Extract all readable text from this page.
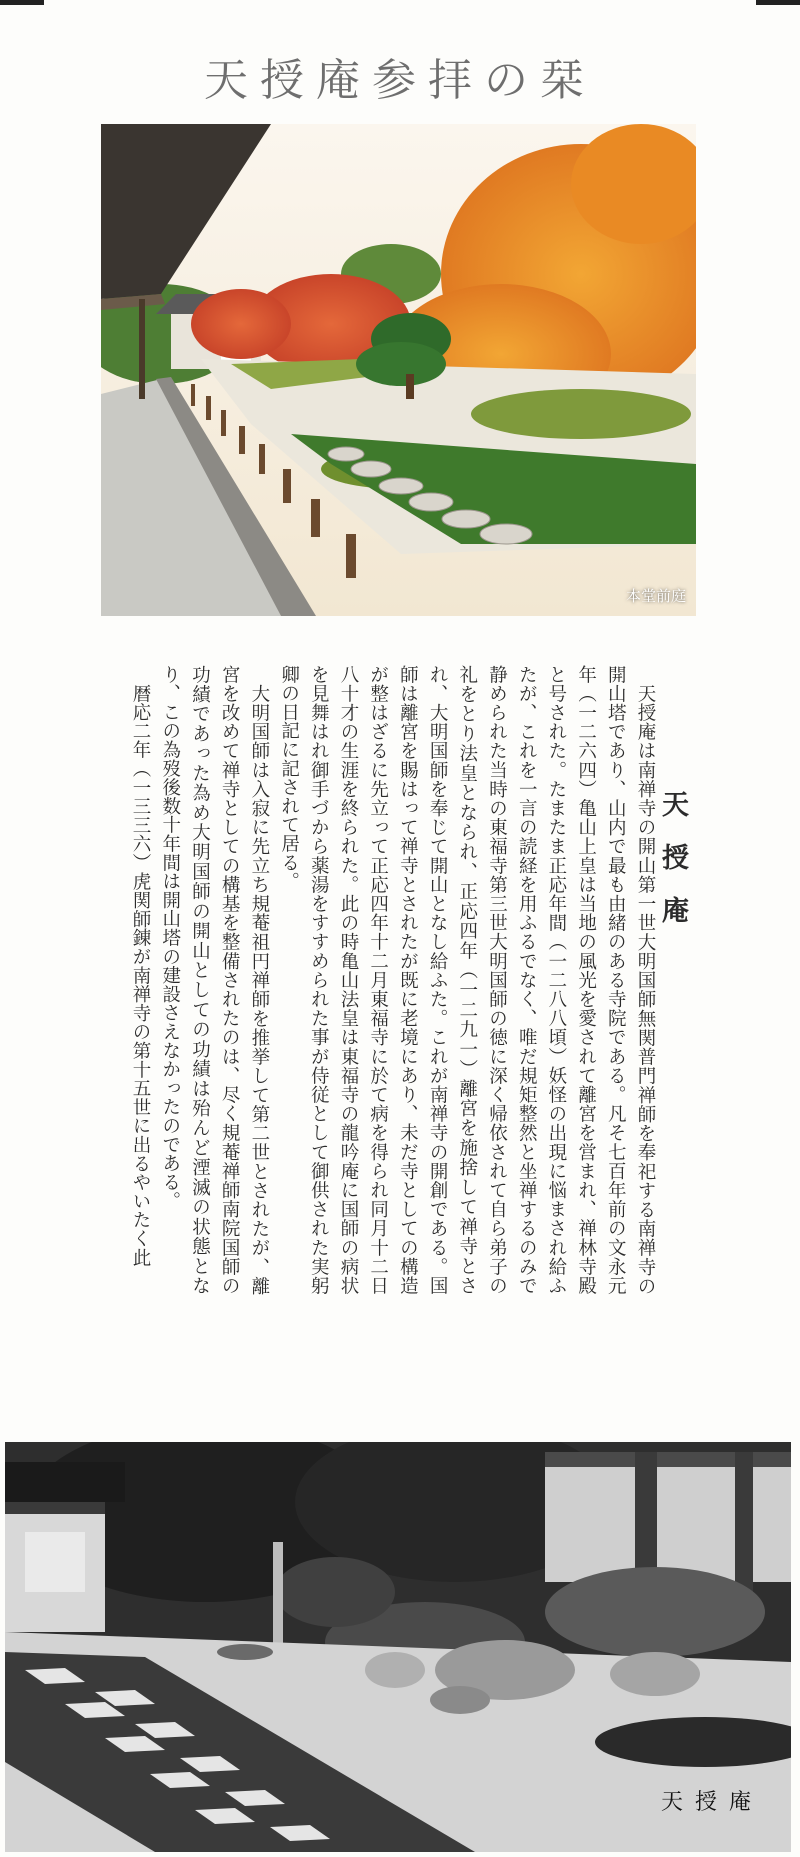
天授庵参拝の栞
本堂前庭

天授庵は南禅寺の開山第一世大明国師無関普門禅師を奉祀する南禅寺の開山塔であり、山内で最も由緒のある寺院である。凡そ七百年前の文永元年（一二六四）亀山上皇は当地の風光を愛されて離宮を営まれ、禅林寺殿と号された。たまたま正応年間（一二八八頃）妖怪の出現に悩まされ給ふたが、これを一言の読経を用ふるでなく、唯だ規矩整然と坐禅するのみで静められた当時の東福寺第三世大明国師の徳に深く帰依されて自ら弟子の礼をとり法皇となられ、正応四年（一二九一）離宮を施捨して禅寺とされ、大明国師を奉じて開山となし給ふた。これが南禅寺の開創である。国師は離宮を賜はって禅寺とされたが既に老境にあり、未だ寺としての構造が整はざるに先立って正応四年十二月東福寺に於て病を得られ同月十二日八十才の生涯を終られた。此の時亀山法皇は東福寺の龍吟庵に国師の病状を見舞はれ御手づから薬湯をすすめられた事が侍従として御供された実躬卿の日記に記されて居る。

大明国師は入寂に先立ち規菴祖円禅師を推挙して第二世とされたが、離宮を改めて禅寺としての構基を整備されたのは、尽く規菴禅師南院国師の功績であった為め大明国師の開山としての功績は殆んど湮滅の状態となり、この為歿後数十年間は開山塔の建設さえなかったのである。

暦応二年（一三三六）虎関師錬が南禅寺の第十五世に出るやいたく此	天授庵
天授庵
